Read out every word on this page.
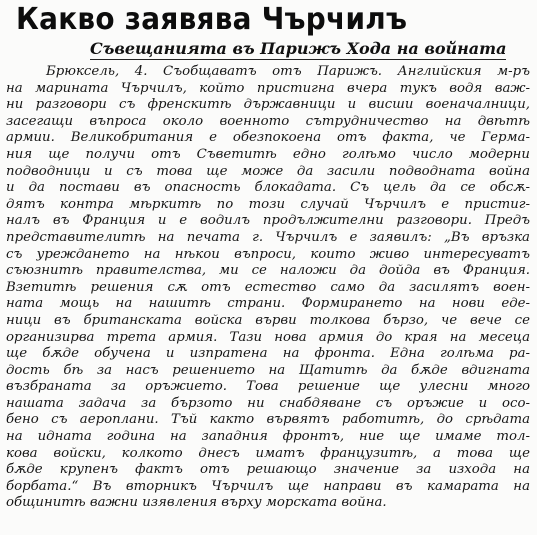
Какво заявява Чърчилъ
Съвещанията въ Парижъ Хода на войната
Брюксель, 4. Съобщаватъ отъ Парижъ. Английския м-ръ
на марината Чърчилъ, който пристигна вчера тукъ водя важ-
ни разговори съ френскитѣ държавници и висши военачалници,
засегащи въпроса около военното сътрудничество на двѣтѣ
армии. Великобритания е обезпокоена отъ факта, че Герма-
ния ще получи отъ Съветитѣ едно голѣмо число модерни
подводници и съ това ще може да засили подводната война
и да постави въ опасность блокадата. Съ цель да се обсѫ-
дятъ контра мѣркитѣ по този случай Чърчилъ е пристиг-
налъ въ Франция и е водилъ продължителни разговори. Предъ
представителитѣ на печата г. Чърчилъ е заявилъ: „Въ връзка
съ уреждането на нѣкои въпроси, които живо интересуватъ
съюзнитѣ правителства, ми се наложи да дойда въ Франция.
Взетитѣ решения сѫ отъ естество само да засилятъ воен-
ната мощь на нашитѣ страни. Формирането на нови еде-
ници въ британската войска върви толкова бързо, че вече се
организирва трета армия. Тази нова армия до края на месеца
ще бѫде обучена и изпратена на фронта. Една голѣма ра-
дость бѣ за насъ решението на Щатитѣ да бѫде вдигната
възбраната за оръжието. Това решение ще улесни много
нашата задача за бързото ни снабдяване съ оръжие и осо-
бено съ аероплани. Тъй както вървятъ работитѣ, до срѣдата
на идната година на западния фронтъ, ние ще имаме тол-
кова войски, колкото днесъ иматъ французитѣ, а това ще
бѫде крупенъ фактъ отъ решающо значение за изхода на
борбата.“ Въ вторникъ Чърчилъ ще направи въ камарата на
общинитѣ важни изявления върху морската война.
